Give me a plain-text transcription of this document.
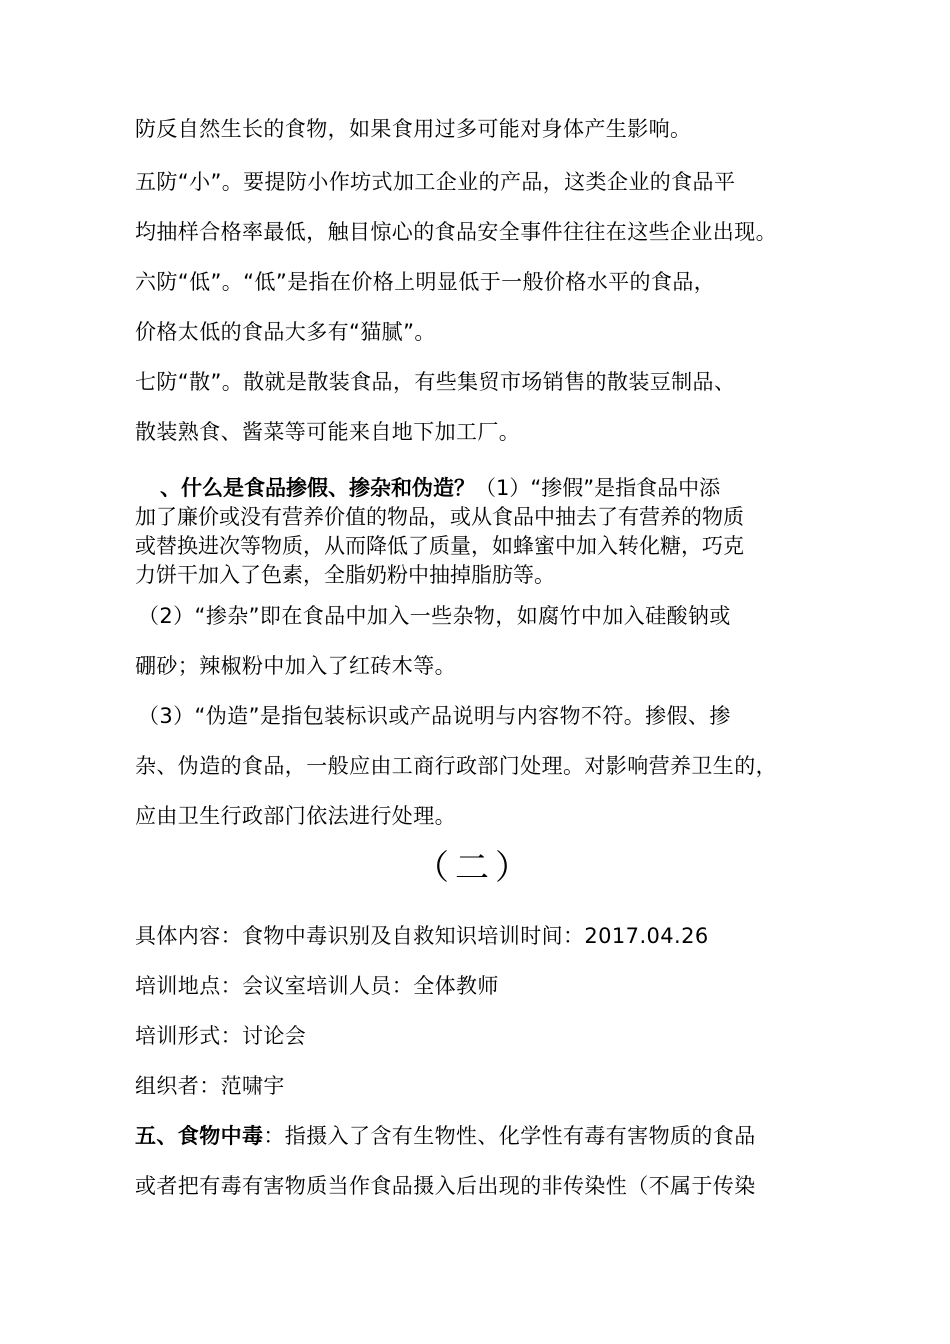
防反自然生长的食物，如果食用过多可能对身体产生影响。

五防“小”。要提防小作坊式加工企业的产品，这类企业的食品平

均抽样合格率最低，触目惊心的食品安全事件往往在这些企业出现。

六防“低”。“低”是指在价格上明显低于一般价格水平的食品，

价格太低的食品大多有“猫腻”。

七防“散”。散就是散装食品，有些集贸市场销售的散装豆制品、

散装熟食、酱菜等可能来自地下加工厂。

、什么是食品掺假、掺杂和伪造？（1）“掺假”是指食品中添

加了廉价或没有营养价值的物品，或从食品中抽去了有营养的物质

或替换进次等物质，从而降低了质量，如蜂蜜中加入转化糖，巧克

力饼干加入了色素，全脂奶粉中抽掉脂肪等。

（2）“掺杂”即在食品中加入一些杂物，如腐竹中加入硅酸钠或

硼砂；辣椒粉中加入了红砖木等。

（3）“伪造”是指包装标识或产品说明与内容物不符。掺假、掺

杂、伪造的食品，一般应由工商行政部门处理。对影响营养卫生的，

应由卫生行政部门依法进行处理。

（二）

具体内容：食物中毒识别及自救知识培训时间：2017.04.26

培训地点：会议室培训人员：全体教师

培训形式：讨论会

组织者：范啸宇

五、食物中毒：指摄入了含有生物性、化学性有毒有害物质的食品

或者把有毒有害物质当作食品摄入后出现的非传染性（不属于传染
